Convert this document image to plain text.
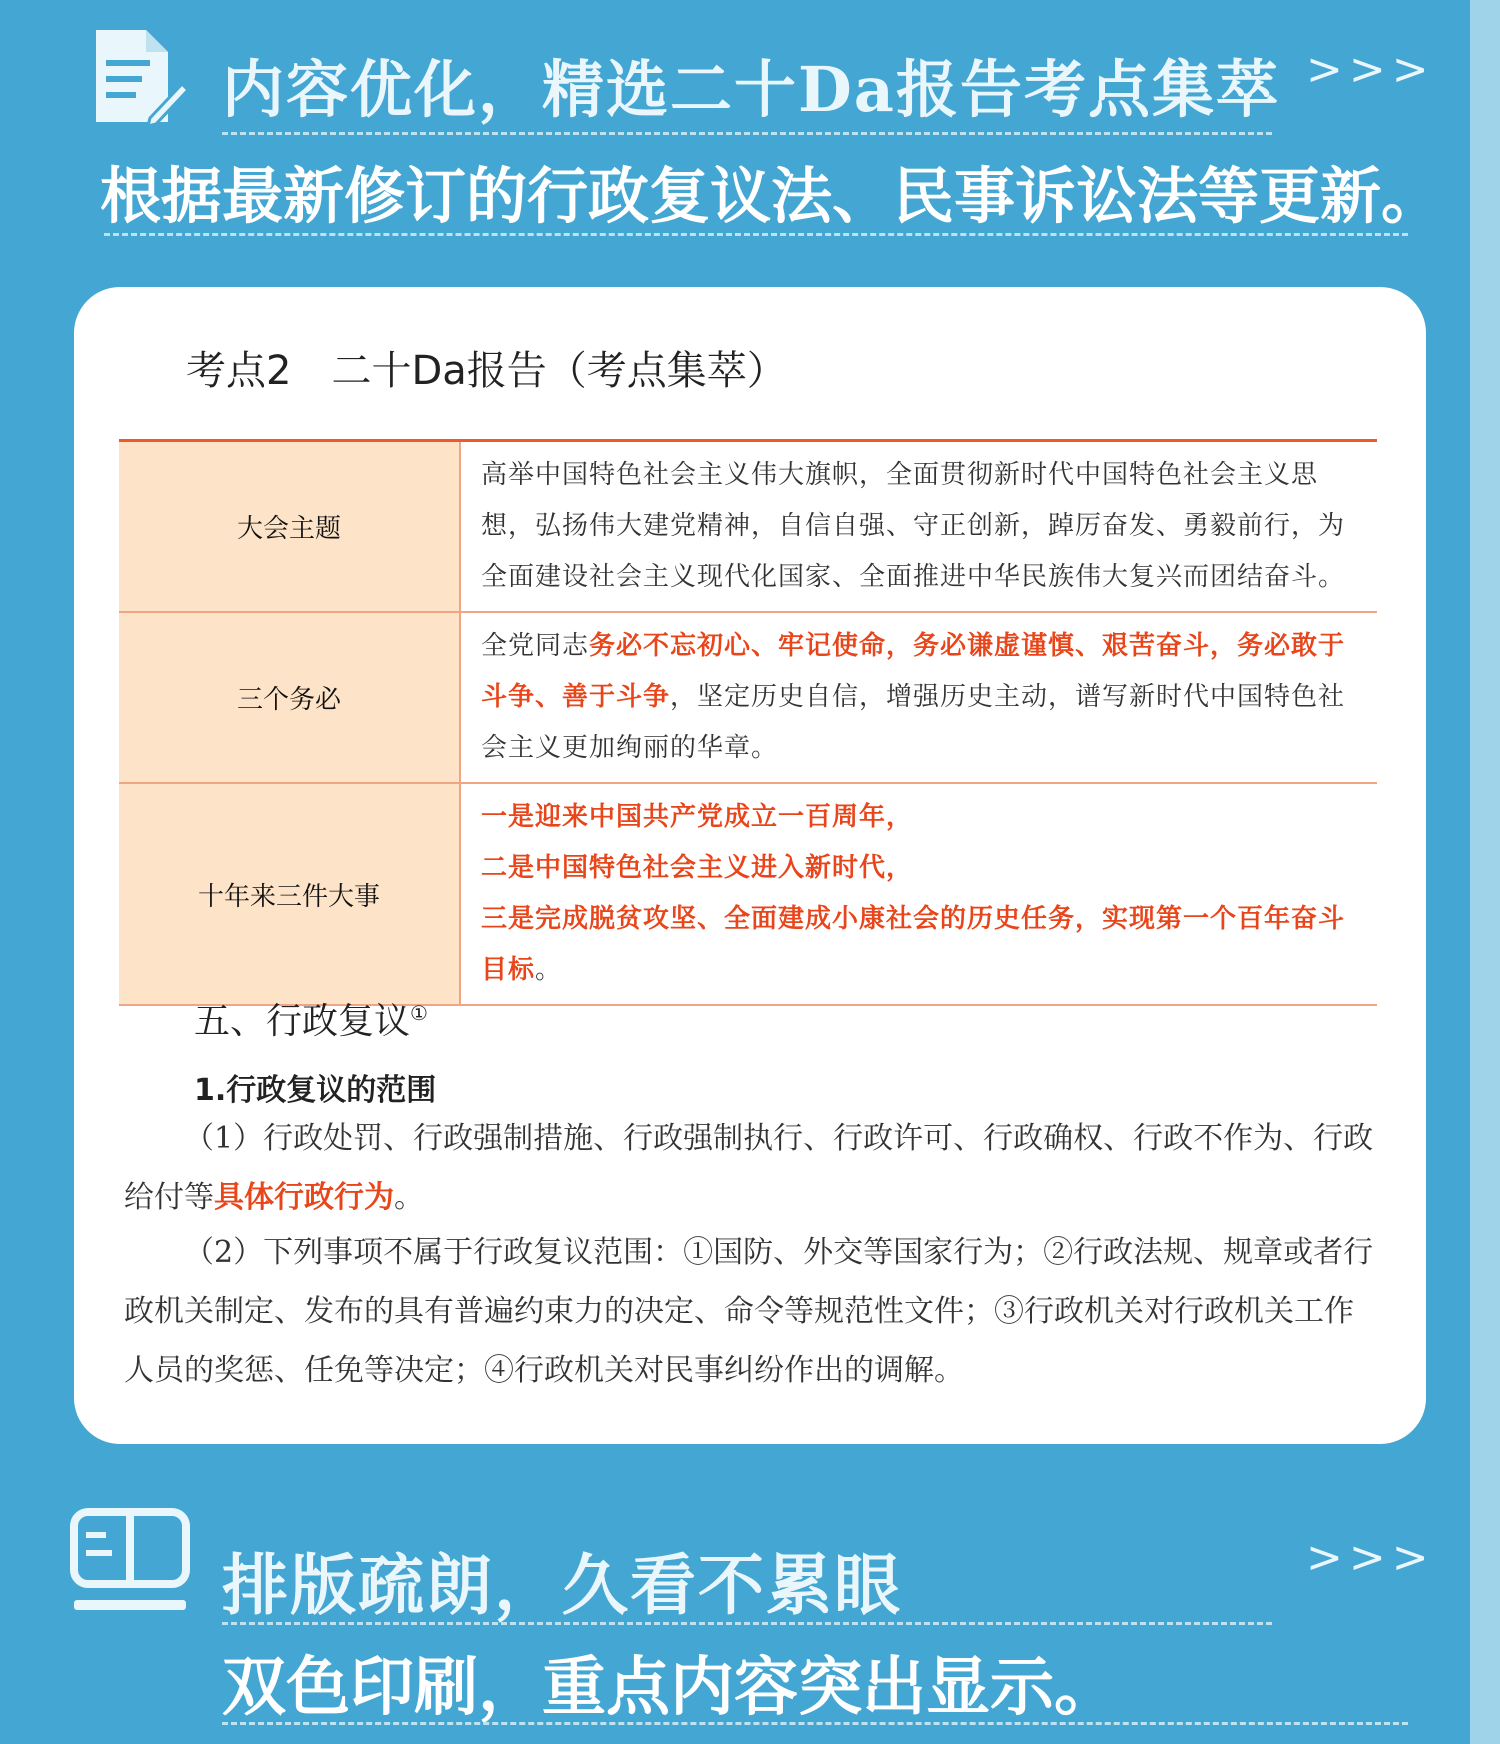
内容优化，精选二十Da报告考点集萃 >>>
根据最新修订的行政复议法、民事诉讼法等更新。
考点2　二十Da报告（考点集萃）
大会主题	高举中国特色社会主义伟大旗帜，全面贯彻新时代中国特色社会主义思想，弘扬伟大建党精神，自信自强、守正创新，踔厉奋发、勇毅前行，为全面建设社会主义现代化国家、全面推进中华民族伟大复兴而团结奋斗。
三个务必	全党同志务必不忘初心、牢记使命，务必谦虚谨慎、艰苦奋斗，务必敢于斗争、善于斗争，坚定历史自信，增强历史主动，谱写新时代中国特色社会主义更加绚丽的华章。
十年来三件大事	一是迎来中国共产党成立一百周年，
二是中国特色社会主义进入新时代，
三是完成脱贫攻坚、全面建成小康社会的历史任务，实现第一个百年奋斗目标。
五、行政复议①
1.行政复议的范围
（1）行政处罚、行政强制措施、行政强制执行、行政许可、行政确权、行政不作为、行政给付等具体行政行为。
（2）下列事项不属于行政复议范围：①国防、外交等国家行为；②行政法规、规章或者行政机关制定、发布的具有普遍约束力的决定、命令等规范性文件；③行政机关对行政机关工作人员的奖惩、任免等决定；④行政机关对民事纠纷作出的调解。
排版疏朗，久看不累眼	>>>
双色印刷，重点内容突出显示。
